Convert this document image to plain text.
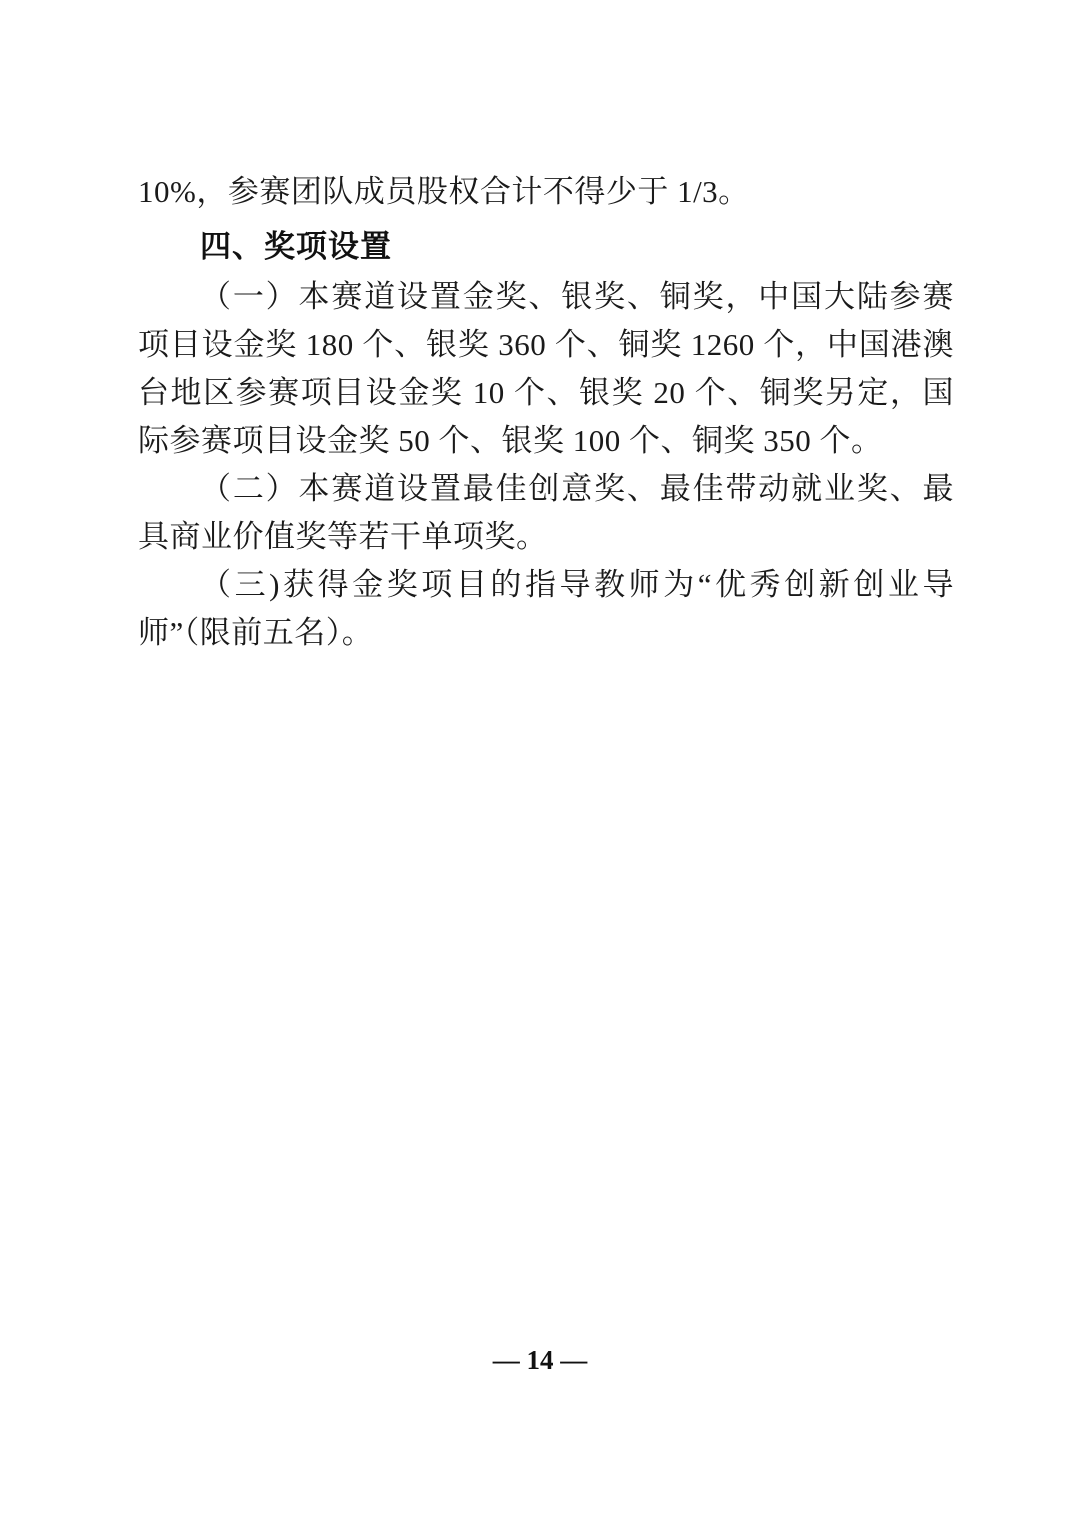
10%，参赛团队成员股权合计不得少于 1/3。

四、奖项设置

（一）本赛道设置金奖、银奖、铜奖，中国大陆参赛项目设金奖 180 个、银奖 360 个、铜奖 1260 个，中国港澳台地区参赛项目设金奖 10 个、银奖 20 个、铜奖另定，国际参赛项目设金奖 50 个、银奖 100 个、铜奖 350 个。

（二）本赛道设置最佳创意奖、最佳带动就业奖、最具商业价值奖等若干单项奖。

（三)获得金奖项目的指导教师为“优秀创新创业导师”（限前五名）。

— 14 —
